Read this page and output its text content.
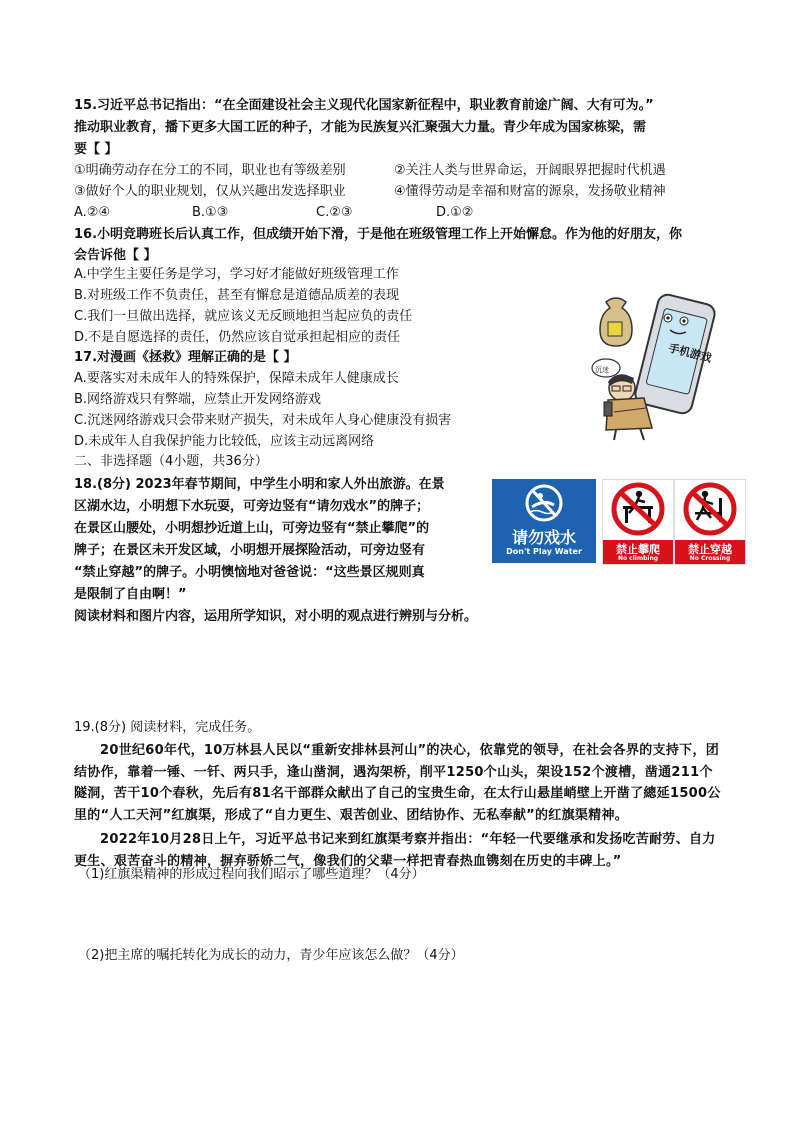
15.习近平总书记指出：“在全面建设社会主义现代化国家新征程中，职业教育前途广阔、大有可为。”
推动职业教育，播下更多大国工匠的种子，才能为民族复兴汇聚强大力量。青少年成为国家栋梁，需
要【 】
①明确劳动存在分工的不同，职业也有等级差别	②关注人类与世界命运，开阔眼界把握时代机遇
③做好个人的职业规划，仅从兴趣出发选择职业	④懂得劳动是幸福和财富的源泉，发扬敬业精神
A.②④	B.①③	C.②③	D.①②
16.小明竞聘班长后认真工作，但成绩开始下滑，于是他在班级管理工作上开始懈怠。作为他的好朋友，你
会告诉他【 】
A.中学生主要任务是学习，学习好才能做好班级管理工作
B.对班级工作不负责任，甚至有懈怠是道德品质差的表现
C.我们一旦做出选择，就应该义无反顾地担当起应负的责任
D.不是自愿选择的责任，仍然应该自觉承担起相应的责任
17.对漫画《拯救》理解正确的是【 】
A.要落实对未成年人的特殊保护，保障未成年人健康成长
B.网络游戏只有弊端，应禁止开发网络游戏
C.沉迷网络游戏只会带来财产损失，对未成年人身心健康没有损害
D.未成年人自我保护能力比较低，应该主动远离网络
手机游戏
沉迷
二、非选择题（4小题，共36分）
18.(8分) 2023年春节期间，中学生小明和家人外出旅游。在景
区湖水边，小明想下水玩耍，可旁边竖有“请勿戏水”的牌子；
在景区山腰处，小明想抄近道上山，可旁边竖有“禁止攀爬”的
牌子；在景区未开发区域，小明想开展探险活动，可旁边竖有
“禁止穿越”的牌子。小明懊恼地对爸爸说：“这些景区规则真
是限制了自由啊！”
阅读材料和图片内容，运用所学知识，对小明的观点进行辨别与分析。
请勿戏水
Don't Play Water	禁止攀爬
No climbing
禁止穿越
No Crossing
19.(8分) 阅读材料，完成任务。
20世纪60年代，10万林县人民以“重新安排林县河山”的决心，依靠党的领导，在社会各界的支持下，团结协作，靠着一锤、一钎、两只手，逢山凿洞，遇沟架桥，削平1250个山头，架设152个渡槽，凿通211个隧洞，苦干10个春秋，先后有81名干部群众献出了自己的宝贵生命，在太行山悬崖峭壁上开凿了總延1500公里的“人工天河”红旗渠，形成了“自力更生、艰苦创业、团结协作、无私奉献”的红旗渠精神。
2022年10月28日上午，习近平总书记来到红旗渠考察并指出：“年轻一代要继承和发扬吃苦耐劳、自力更生、艰苦奋斗的精神，摒弃骄娇二气，像我们的父辈一样把青春热血镌刻在历史的丰碑上。”
（1)红旗渠精神的形成过程向我们昭示了哪些道理？（4分）
（2)把主席的嘱托转化为成长的动力，青少年应该怎么做？（4分）
